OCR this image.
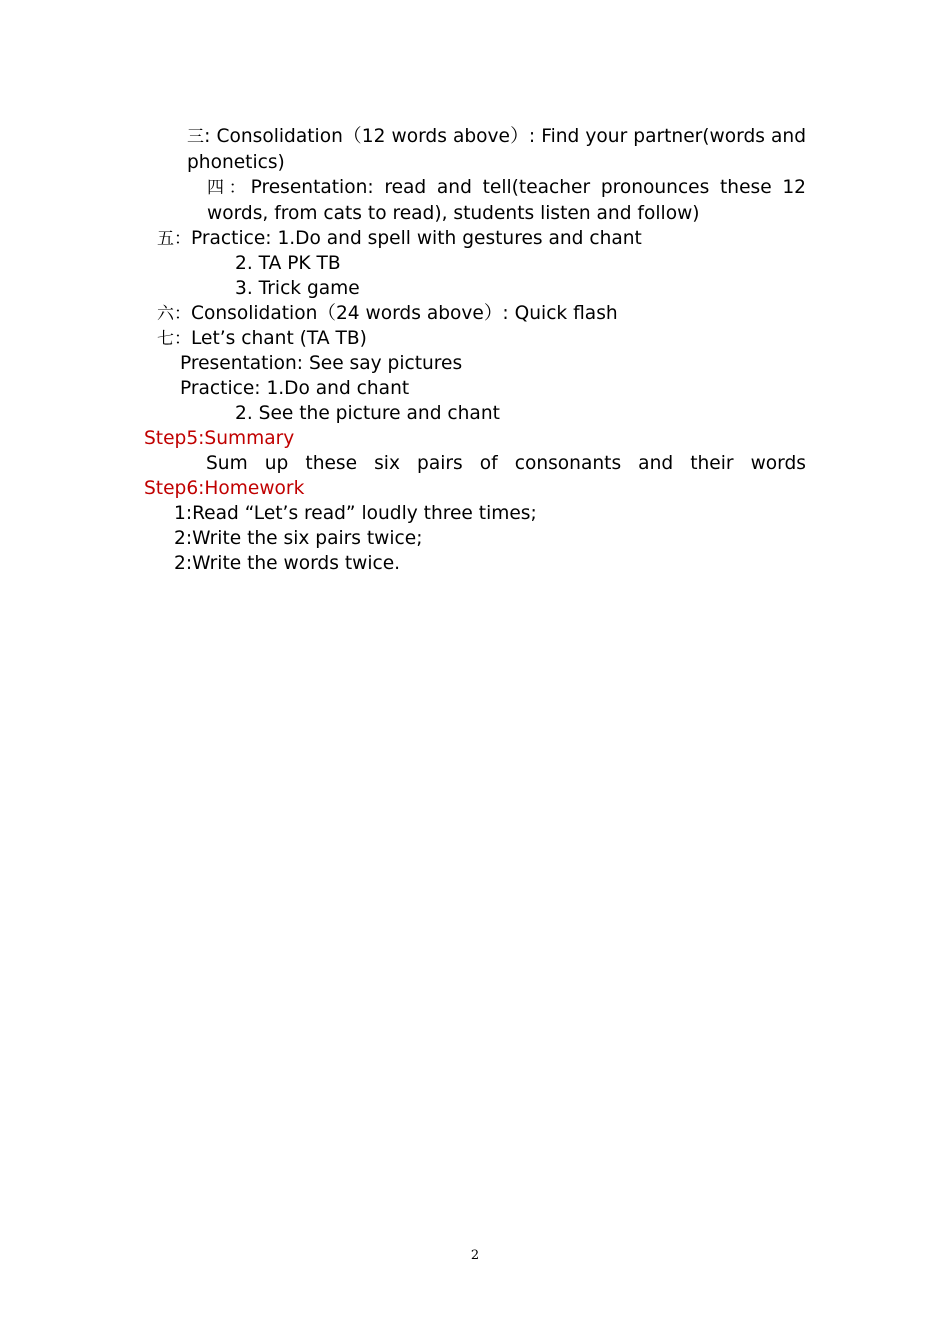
三: Consolidation（12 words above）: Find your partner(words and phonetics)
四：Presentation: read and tell(teacher pronounces these 12 words, from cats to read), students listen and follow)
五：Practice: 1.Do and spell with gestures and chant
2. TA PK TB
3. Trick game
六：Consolidation（24 words above）: Quick flash
七：Let’s chant (TA TB)
Presentation: See say pictures
Practice: 1.Do and chant
2. See the picture and chant
Step5:Summary
Sum up these six pairs of consonants and their words
Step6:Homework
1:Read “Let’s read” loudly three times;
2:Write the six pairs twice;
2:Write the words twice.
2
